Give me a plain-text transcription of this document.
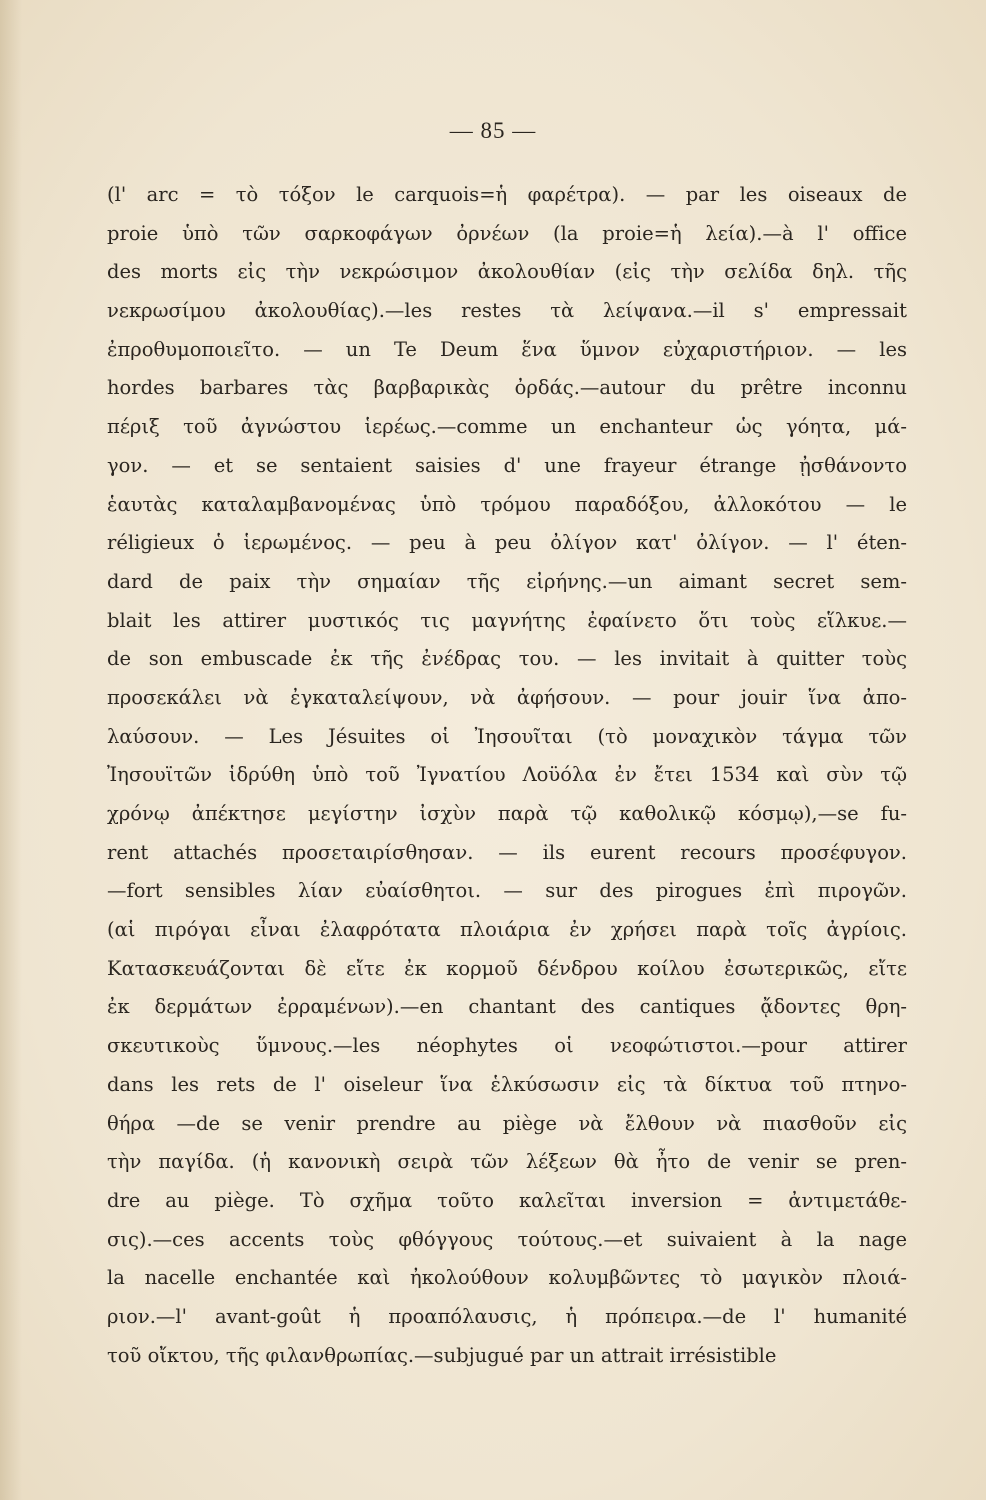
— 85 —
(l' arc = τὸ τόξον le carquois=ἡ φαρέτρα). — par les oiseaux de
proie ὑπὸ τῶν σαρκοφάγων ὀρνέων (la proie=ἡ λεία).—à l' office
des morts εἰς τὴν νεκρώσιμον ἀκολουθίαν (εἰς τὴν σελίδα δηλ. τῆς
νεκρωσίμου ἀκολουθίας).—les restes τὰ λείψανα.—il s' empressait
ἐπροθυμοποιεῖτο. — un Te Deum ἕνα ὕμνον εὐχαριστήριον. — les
hordes barbares τὰς βαρβαρικὰς ὀρδάς.—autour du prêtre inconnu
πέριξ τοῦ ἀγνώστου ἱερέως.—comme un enchanteur ὡς γόητα, μά-
γον. — et se sentaient saisies d' une frayeur étrange ᾐσθάνοντο
ἑαυτὰς καταλαμβανομένας ὑπὸ τρόμου παραδόξου, ἀλλοκότου — le
réligieux ὁ ἱερωμένος. — peu à peu ὀλίγον κατ' ὀλίγον. — l' éten-
dard de paix τὴν σημαίαν τῆς εἰρήνης.—un aimant secret sem-
blait les attirer μυστικός τις μαγνήτης ἐφαίνετο ὅτι τοὺς εἵλκυε.—
de son embuscade ἐκ τῆς ἐνέδρας του. — les invitait à quitter τοὺς
προσεκάλει νὰ ἐγκαταλείψουν, νὰ ἀφήσουν. — pour jouir ἵνα ἀπο-
λαύσουν. — Les Jésuites οἱ Ἰησουῖται (τὸ μοναχικὸν τάγμα τῶν
Ἰησουϊτῶν ἱδρύθη ὑπὸ τοῦ Ἰγνατίου Λοϋόλα ἐν ἔτει 1534 καὶ σὺν τῷ
χρόνῳ ἀπέκτησε μεγίστην ἰσχὺν παρὰ τῷ καθολικῷ κόσμῳ),—se fu-
rent attachés προσεταιρίσθησαν. — ils eurent recours προσέφυγον.
—fort sensibles λίαν εὐαίσθητοι. — sur des pirogues ἐπὶ πιρογῶν.
(αἱ πιρόγαι εἶναι ἐλαφρότατα πλοιάρια ἐν χρήσει παρὰ τοῖς ἀγρίοις.
Κατασκευάζονται δὲ εἴτε ἐκ κορμοῦ δένδρου κοίλου ἐσωτερικῶς, εἴτε
ἐκ δερμάτων ἐρραμένων).—en chantant des cantiques ᾄδοντες θρη-
σκευτικοὺς ὕμνους.—les néophytes οἱ νεοφώτιστοι.—pour attirer
dans les rets de l' oiseleur ἵνα ἑλκύσωσιν εἰς τὰ δίκτυα τοῦ πτηνο-
θήρα —de se venir prendre au piège νὰ ἔλθουν νὰ πιασθοῦν εἰς
τὴν παγίδα. (ἡ κανονικὴ σειρὰ τῶν λέξεων θὰ ἦτο de venir se pren-
dre au piège. Τὸ σχῆμα τοῦτο καλεῖται inversion = ἀντιμετάθε-
σις).—ces accents τοὺς φθόγγους τούτους.—et suivaient à la nage
la nacelle enchantée καὶ ἠκολούθουν κολυμβῶντες τὸ μαγικὸν πλοιά-
ριον.—l' avant-goût ἡ προαπόλαυσις, ἡ πρόπειρα.—de l' humanité
τοῦ οἴκτου, τῆς φιλανθρωπίας.—subjugué par un attrait irrésistible
